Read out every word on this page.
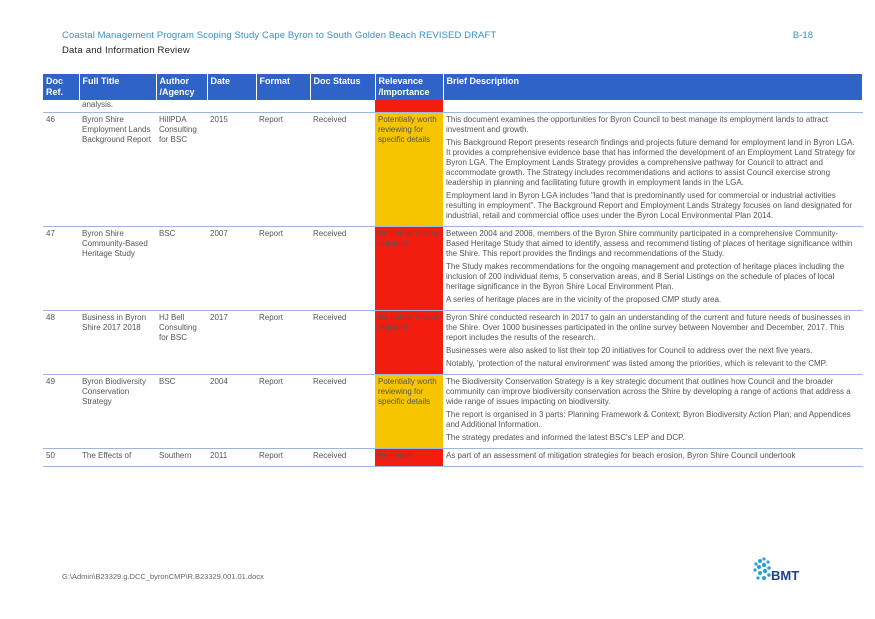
Coastal Management Program Scoping Study Cape Byron to South Golden Beach REVISED DRAFT	B-18
Data and Information Review
Doc Ref.	Full Title	Author /Agency	Date	Format	Doc Status	Relevance /Importance	Brief Description
	analysis.						
46	Byron Shire Employment Lands Background Report	HillPDA Consulting for BSC	2015	Report	Received	Potentially worth reviewing for specific details	This document examines the opportunities for Byron Council to best manage its employment lands to attract investment and growth.

This Background Report presents research findings and projects future demand for employment land in Byron LGA. It provides a comprehensive evidence base that has informed the development of an Employment Land Strategy for Byron LGA. The Employment Lands Strategy provides a comprehensive pathway for Council to attract and accommodate growth. The Strategy includes recommendations and actions to assist Council exercise strong leadership in planning and facilitating future growth in employment lands in the LGA.

Employment land in Byron LGA includes "land that is predominantly used for commercial or industrial activities resulting in employment". The Background Report and Employment Lands Strategy focuses on land designated for industrial, retail and commercial office uses under the Byron Local Environmental Plan 2014.

47	Byron Shire Community-Based Heritage Study	BSC	2007	Report	Received	No further review required	Between 2004 and 2006, members of the Byron Shire community participated in a comprehensive Community-Based Heritage Study that aimed to identify, assess and recommend listing of places of heritage significance within the Shire. This report provides the findings and recommendations of the Study.

The Study makes recommendations for the ongoing management and protection of heritage places including the inclusion of 200 individual items, 5 conservation areas, and 8 Serial Listings on the schedule of places of local heritage significance in the Byron Shire Local Environment Plan.

A series of heritage places are in the vicinity of the proposed CMP study area.

48	Business in Byron Shire 2017 2018	HJ Bell Consulting for BSC	2017	Report	Received	No further review required	Byron Shire conducted research in 2017 to gain an understanding of the current and future needs of businesses in the Shire. Over 1000 businesses participated in the online survey between November and December, 2017. This report includes the results of the research.

Businesses were also asked to list their top 20 initiatives for Council to address over the next five years.

Notably, 'protection of the natural environment' was listed among the priorities, which is relevant to the CMP.

49	Byron Biodiversity Conservation Strategy	BSC	2004	Report	Received	Potentially worth reviewing for specific details	The Biodiversity Conservation Strategy is a key strategic document that outlines how Council and the broader community can improve biodiversity conservation across the Shire by developing a range of actions that address a wide range of issues impacting on biodiversity.

The report is organised in 3 parts: Planning Framework & Context; Byron Biodiversity Action Plan; and Appendices and Additional Information.

The strategy predates and informed the latest BSC's LEP and DCP.

50	The Effects of	Southern	2011	Report	Received	No further	As part of an assessment of mitigation strategies for beach erosion, Byron Shire Council undertook

G:\Admin\B23329.g.DCC_byronCMP\R.B23329.001.01.docx	BMT
